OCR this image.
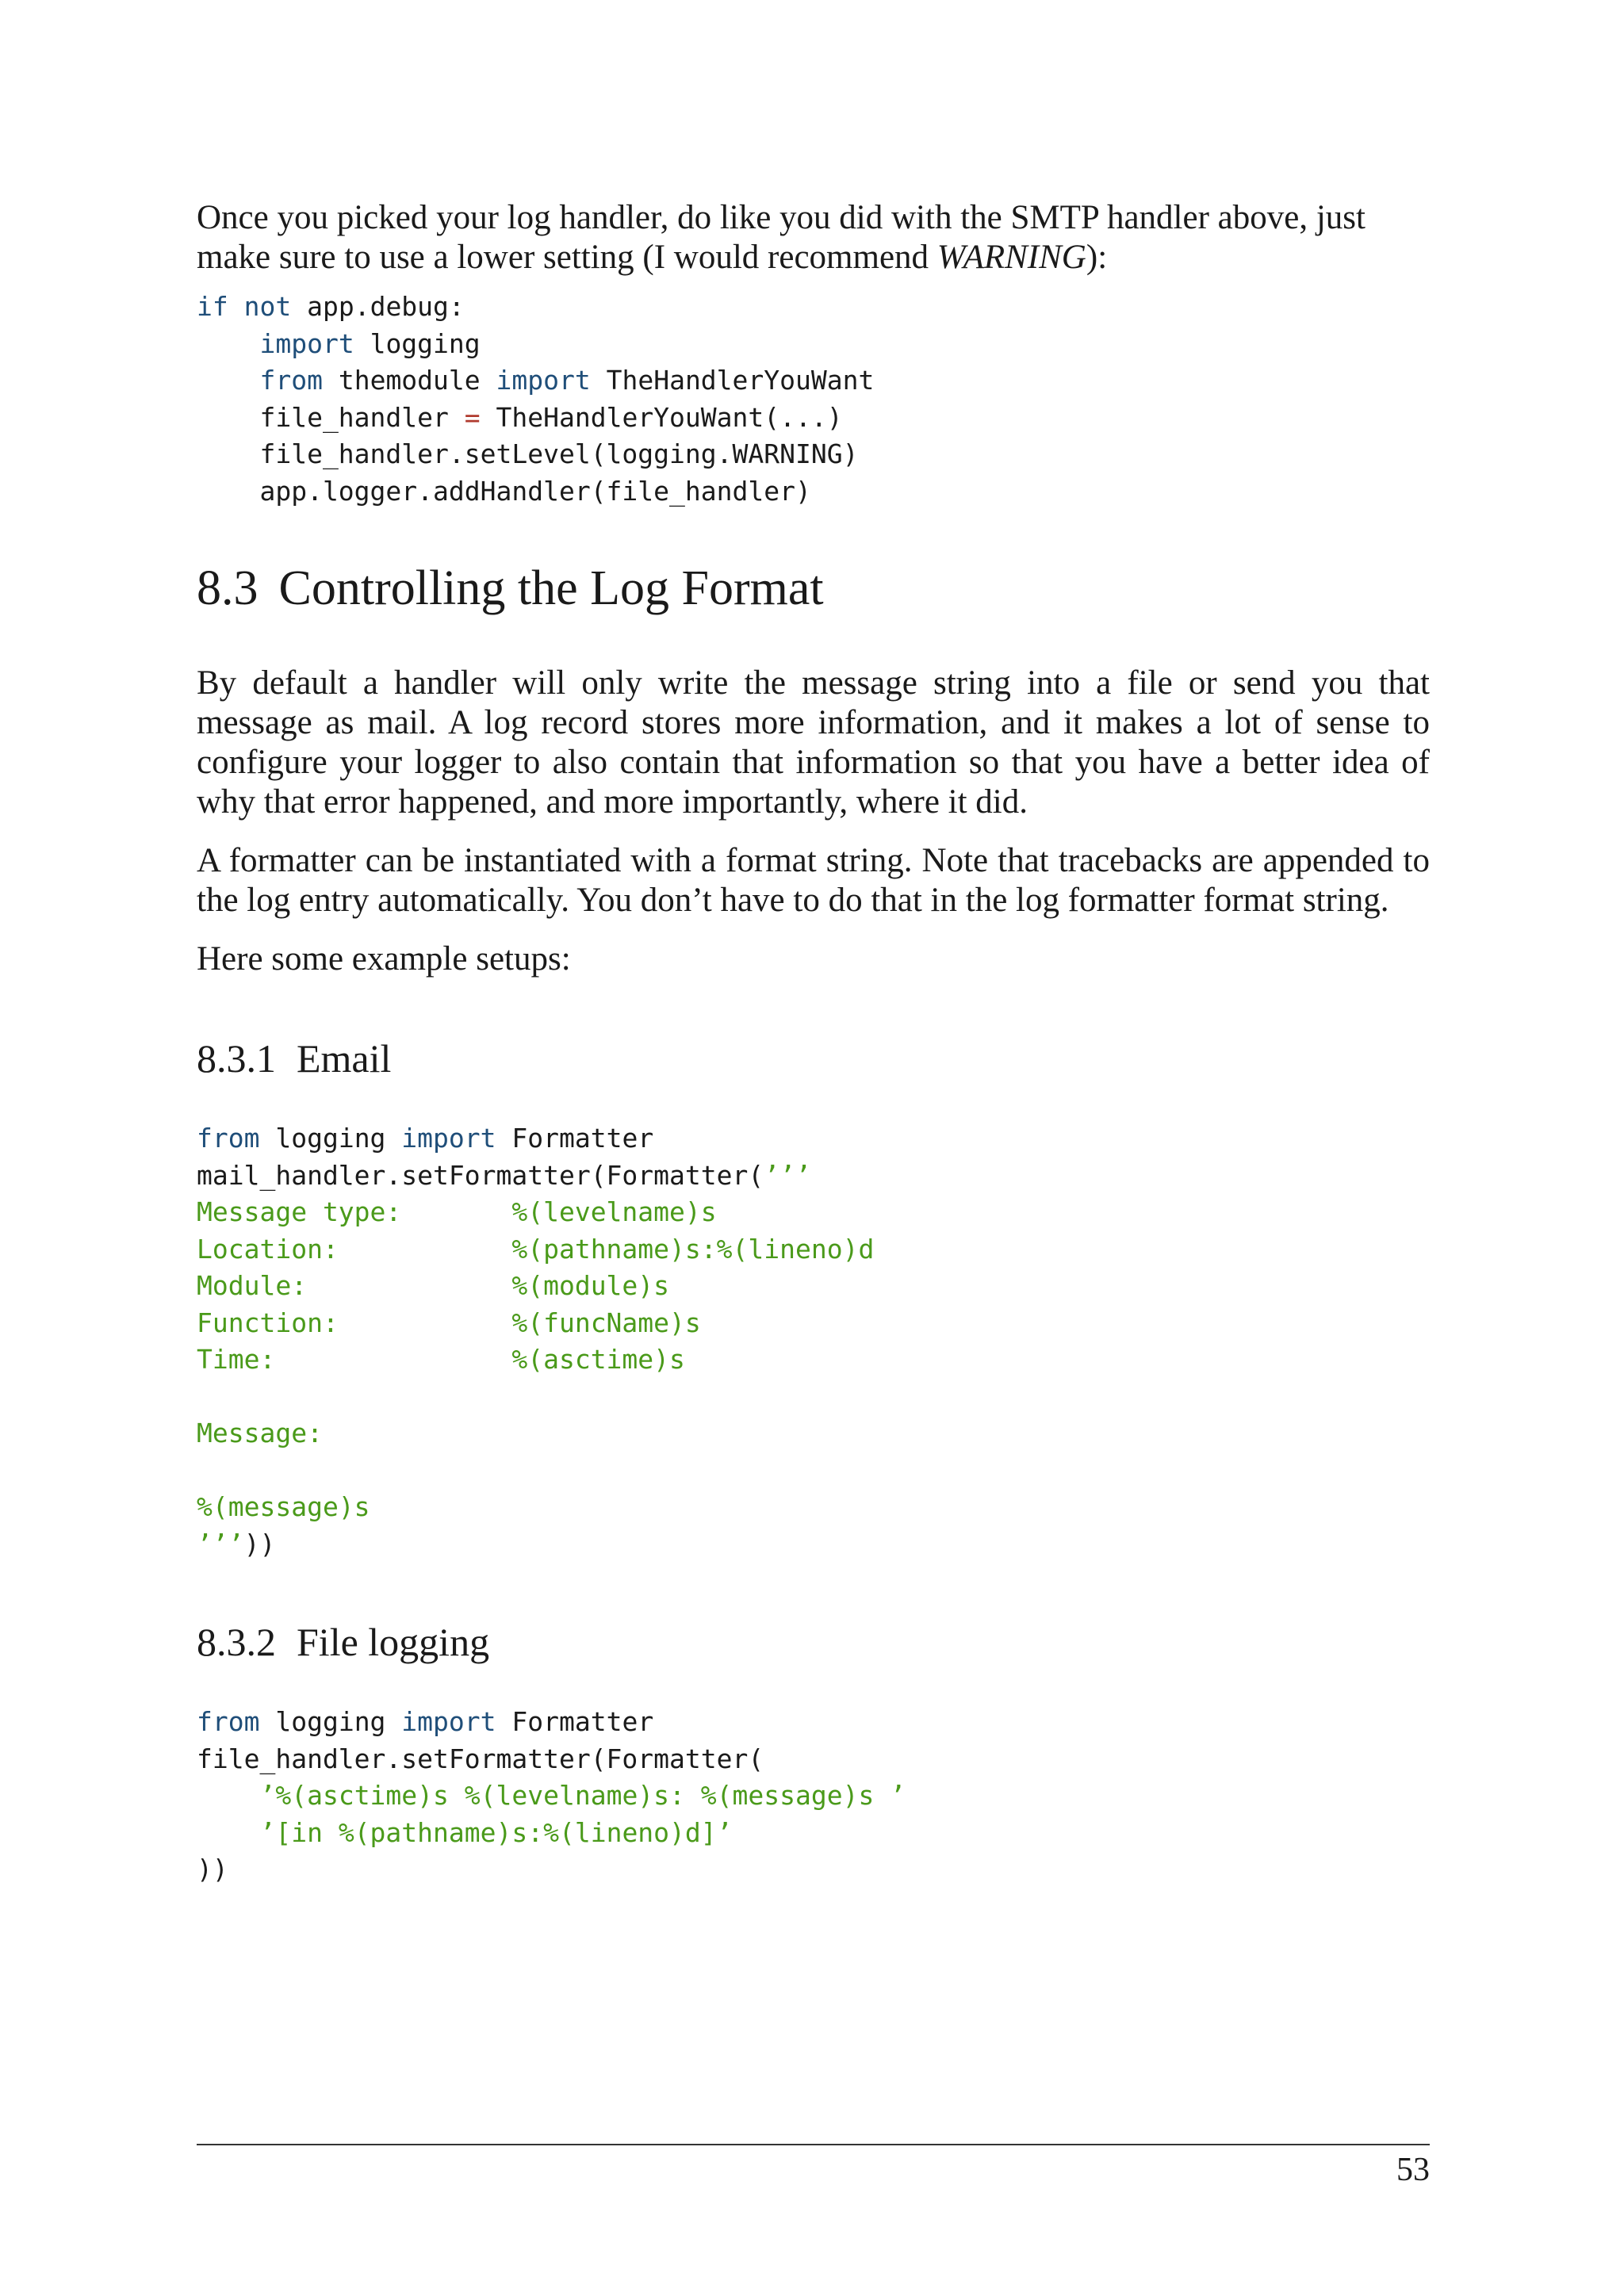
Once you picked your log handler, do like you did with the SMTP handler above, just
make sure to use a lower setting (I would recommend WARNING):

if not app.debug:
import logging
from themodule import TheHandlerYouWant
file_handler = TheHandlerYouWant(...)
file_handler.setLevel(logging.WARNING)
app.logger.addHandler(file_handler)
8.3 Controlling the Log Format

By default a handler will only write the message string into a file or send you that message as mail. A log record stores more information, and it makes a lot of sense to configure your logger to also contain that information so that you have a better idea of why that error happened, and more importantly, where it did.

A formatter can be instantiated with a format string. Note that tracebacks are appended to the log entry automatically. You don’t have to do that in the log formatter format string.

Here some example setups:

8.3.1 Email
from logging import Formatter
mail_handler.setFormatter(Formatter(’’’
Message type:       %(levelname)s
Location:           %(pathname)s:%(lineno)d
Module:             %(module)s
Function:           %(funcName)s
Time:               %(asctime)s
Message:
%(message)s
’’’))
8.3.2 File logging
from logging import Formatter
file_handler.setFormatter(Formatter(
’%(asctime)s %(levelname)s: %(message)s ’
’[in %(pathname)s:%(lineno)d]’
))
53
